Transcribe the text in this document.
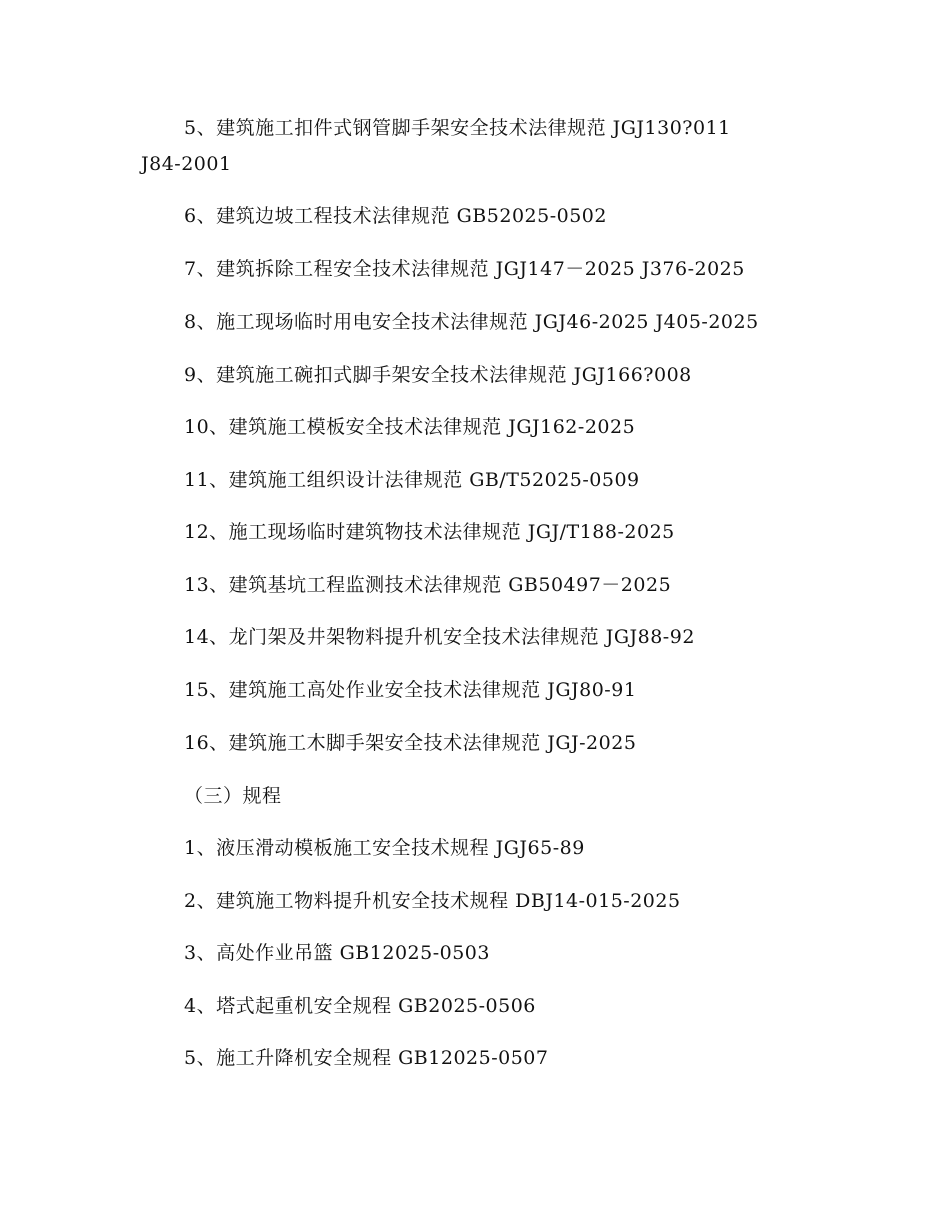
5、建筑施工扣件式钢管脚手架安全技术法律规范 JGJ130?011
J84-2001
6、建筑边坡工程技术法律规范 GB52025-0502
7、建筑拆除工程安全技术法律规范 JGJ147－2025 J376-2025
8、施工现场临时用电安全技术法律规范 JGJ46-2025 J405-2025
9、建筑施工碗扣式脚手架安全技术法律规范 JGJ166?008
10、建筑施工模板安全技术法律规范 JGJ162-2025
11、建筑施工组织设计法律规范 GB/T52025-0509
12、施工现场临时建筑物技术法律规范 JGJ/T188-2025
13、建筑基坑工程监测技术法律规范 GB50497－2025
14、龙门架及井架物料提升机安全技术法律规范 JGJ88-92
15、建筑施工高处作业安全技术法律规范 JGJ80-91
16、建筑施工木脚手架安全技术法律规范 JGJ-2025
（三）规程
1、液压滑动模板施工安全技术规程 JGJ65-89
2、建筑施工物料提升机安全技术规程 DBJ14-015-2025
3、高处作业吊篮 GB12025-0503
4、塔式起重机安全规程 GB2025-0506
5、施工升降机安全规程 GB12025-0507
